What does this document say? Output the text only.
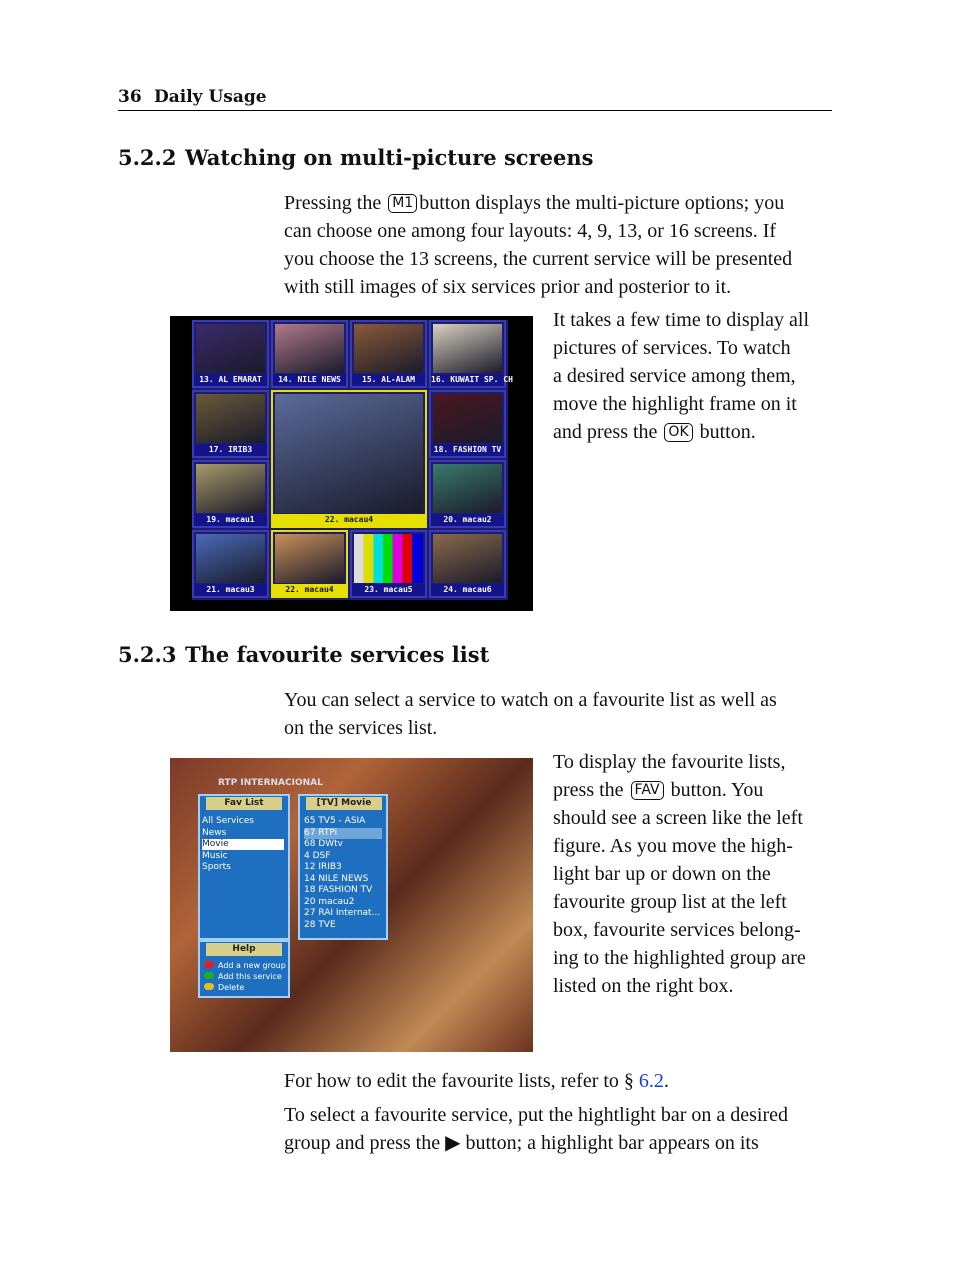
36 Daily Usage
5.2.2 Watching on multi-picture screens
Pressing the M1 button displays the multi-picture options; you
can choose one among four layouts: 4, 9, 13, or 16 screens. If
you choose the 13 screens, the current service will be presented
with still images of six services prior and posterior to it.
13. AL EMARAT	14. NILE NEWS	15. AL-ALAM	16. KUWAIT SP. CH
17. IRIB3	18. FASHION TV
19. macau1	20. macau2
21. macau3	22. macau4	23. macau5	24. macau6
22. macau4
It takes a few time to display all
pictures of services. To watch
a desired service among them,
move the highlight frame on it
and press the OK button.
5.2.3 The favourite services list
You can select a service to watch on a favourite list as well as
on the services list.
RTP INTERNACIONAL
Fav List
All Services
News
Movie
Music
Sports
[TV] Movie
65 TV5 - ASIA
67 RTPi
68 DWtv
4 DSF
12 IRIB3
14 NILE NEWS
18 FASHION TV
20 macau2
27 RAI Internat...
28 TVE
Help
Add a new group
Add this service
Delete
To display the favourite lists,
press the FAV button. You
should see a screen like the left
figure. As you move the high-
light bar up or down on the
favourite group list at the left
box, favourite services belong-
ing to the highlighted group are
listed on the right box.
For how to edit the favourite lists, refer to § 6.2.
To select a favourite service, put the hightlight bar on a desired
group and press the ▶ button; a highlight bar appears on its
